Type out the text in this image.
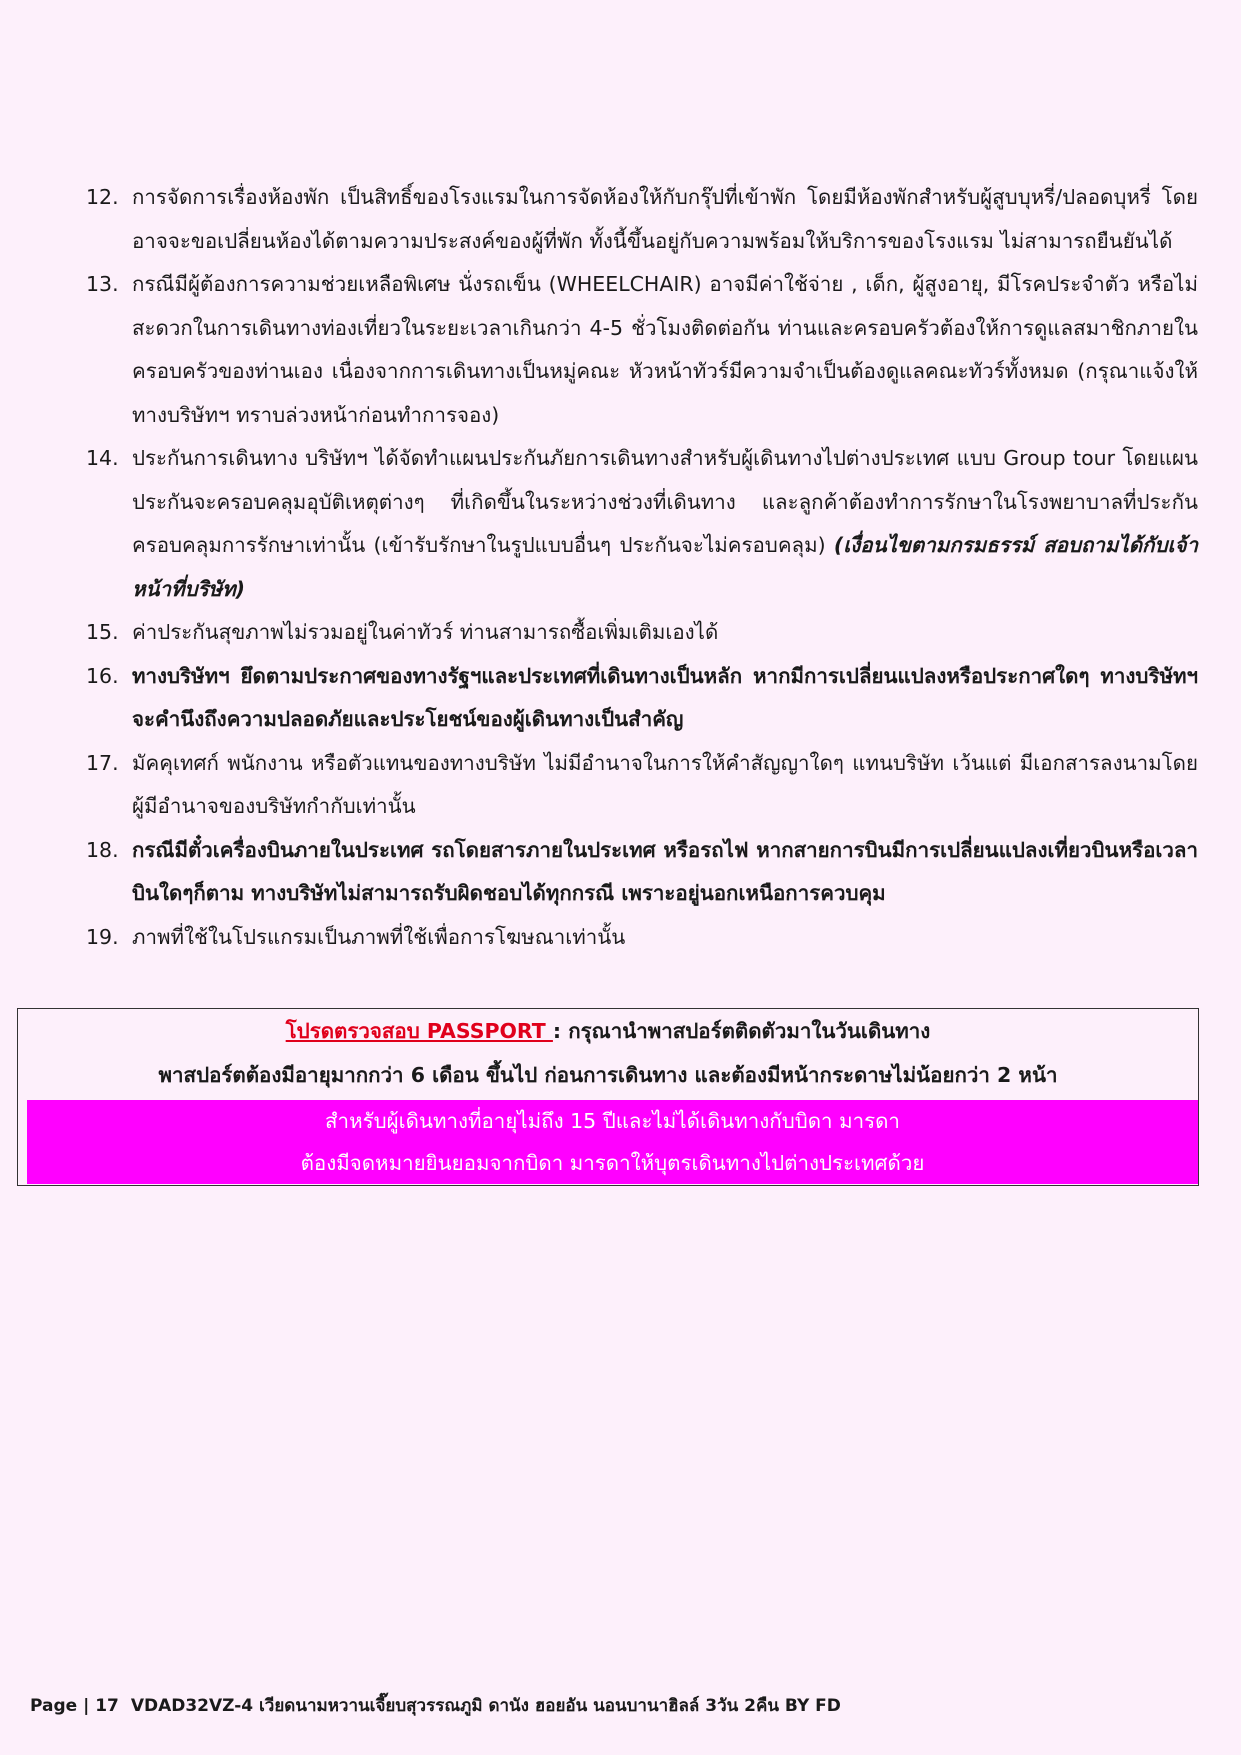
12. การจัดการเรื่องห้องพัก เป็นสิทธิ์ของโรงแรมในการจัดห้องให้กับกรุ๊ปที่เข้าพัก โดยมีห้องพักสำหรับผู้สูบบุหรี่/ปลอดบุหรี่ โดยอาจจะขอเปลี่ยนห้องได้ตามความประสงค์ของผู้ที่พัก ทั้งนี้ขึ้นอยู่กับความพร้อมให้บริการของโรงแรม ไม่สามารถยืนยันได้
13. กรณีมีผู้ต้องการความช่วยเหลือพิเศษ นั่งรถเข็น (WHEELCHAIR) อาจมีค่าใช้จ่าย , เด็ก, ผู้สูงอายุ, มีโรคประจำตัว หรือไม่สะดวกในการเดินทางท่องเที่ยวในระยะเวลาเกินกว่า 4-5 ชั่วโมงติดต่อกัน ท่านและครอบครัวต้องให้การดูแลสมาชิกภายในครอบครัวของท่านเอง เนื่องจากการเดินทางเป็นหมู่คณะ หัวหน้าทัวร์มีความจำเป็นต้องดูแลคณะทัวร์ทั้งหมด (กรุณาแจ้งให้ทางบริษัทฯ ทราบล่วงหน้าก่อนทำการจอง)
14. ประกันการเดินทาง บริษัทฯ ได้จัดทำแผนประกันภัยการเดินทางสำหรับผู้เดินทางไปต่างประเทศ แบบ Group tour โดยแผนประกันจะครอบคลุมอุบัติเหตุต่างๆ ที่เกิดขึ้นในระหว่างช่วงที่เดินทาง และลูกค้าต้องทำการรักษาในโรงพยาบาลที่ประกันครอบคลุมการรักษาเท่านั้น (เข้ารับรักษาในรูปแบบอื่นๆ ประกันจะไม่ครอบคลุม) (เงื่อนไขตามกรมธรรม์ สอบถามได้กับเจ้าหน้าที่บริษัท)
15. ค่าประกันสุขภาพไม่รวมอยู่ในค่าทัวร์ ท่านสามารถซื้อเพิ่มเติมเองได้
16. ทางบริษัทฯ ยึดตามประกาศของทางรัฐฯและประเทศที่เดินทางเป็นหลัก หากมีการเปลี่ยนแปลงหรือประกาศใดๆ ทางบริษัทฯจะคำนึงถึงความปลอดภัยและประโยชน์ของผู้เดินทางเป็นสำคัญ
17. มัคคุเทศก์ พนักงาน หรือตัวแทนของทางบริษัท ไม่มีอำนาจในการให้คำสัญญาใดๆ แทนบริษัท เว้นแต่ มีเอกสารลงนามโดยผู้มีอำนาจของบริษัทกำกับเท่านั้น
18. กรณีมีตั๋วเครื่องบินภายในประเทศ รถโดยสารภายในประเทศ หรือรถไฟ หากสายการบินมีการเปลี่ยนแปลงเที่ยวบินหรือเวลาบินใดๆก็ตาม ทางบริษัทไม่สามารถรับผิดชอบได้ทุกกรณี เพราะอยู่นอกเหนือการควบคุม
19. ภาพที่ใช้ในโปรแกรมเป็นภาพที่ใช้เพื่อการโฆษณาเท่านั้น
โปรดตรวจสอบ PASSPORT : กรุณานำพาสปอร์ตติดตัวมาในวันเดินทาง
พาสปอร์ตต้องมีอายุมากกว่า 6 เดือน ขึ้นไป ก่อนการเดินทาง และต้องมีหน้ากระดาษไม่น้อยกว่า 2 หน้า
สำหรับผู้เดินทางที่อายุไม่ถึง 15 ปีและไม่ได้เดินทางกับบิดา มารดา
ต้องมีจดหมายยินยอมจากบิดา มารดาให้บุตรเดินทางไปต่างประเทศด้วย
Page | 17 VDAD32VZ-4 เวียดนามหวานเจี๊ยบสุวรรณภูมิ ดานัง ฮอยอัน นอนบานาฮิลล์ 3วัน 2คืน BY FD
